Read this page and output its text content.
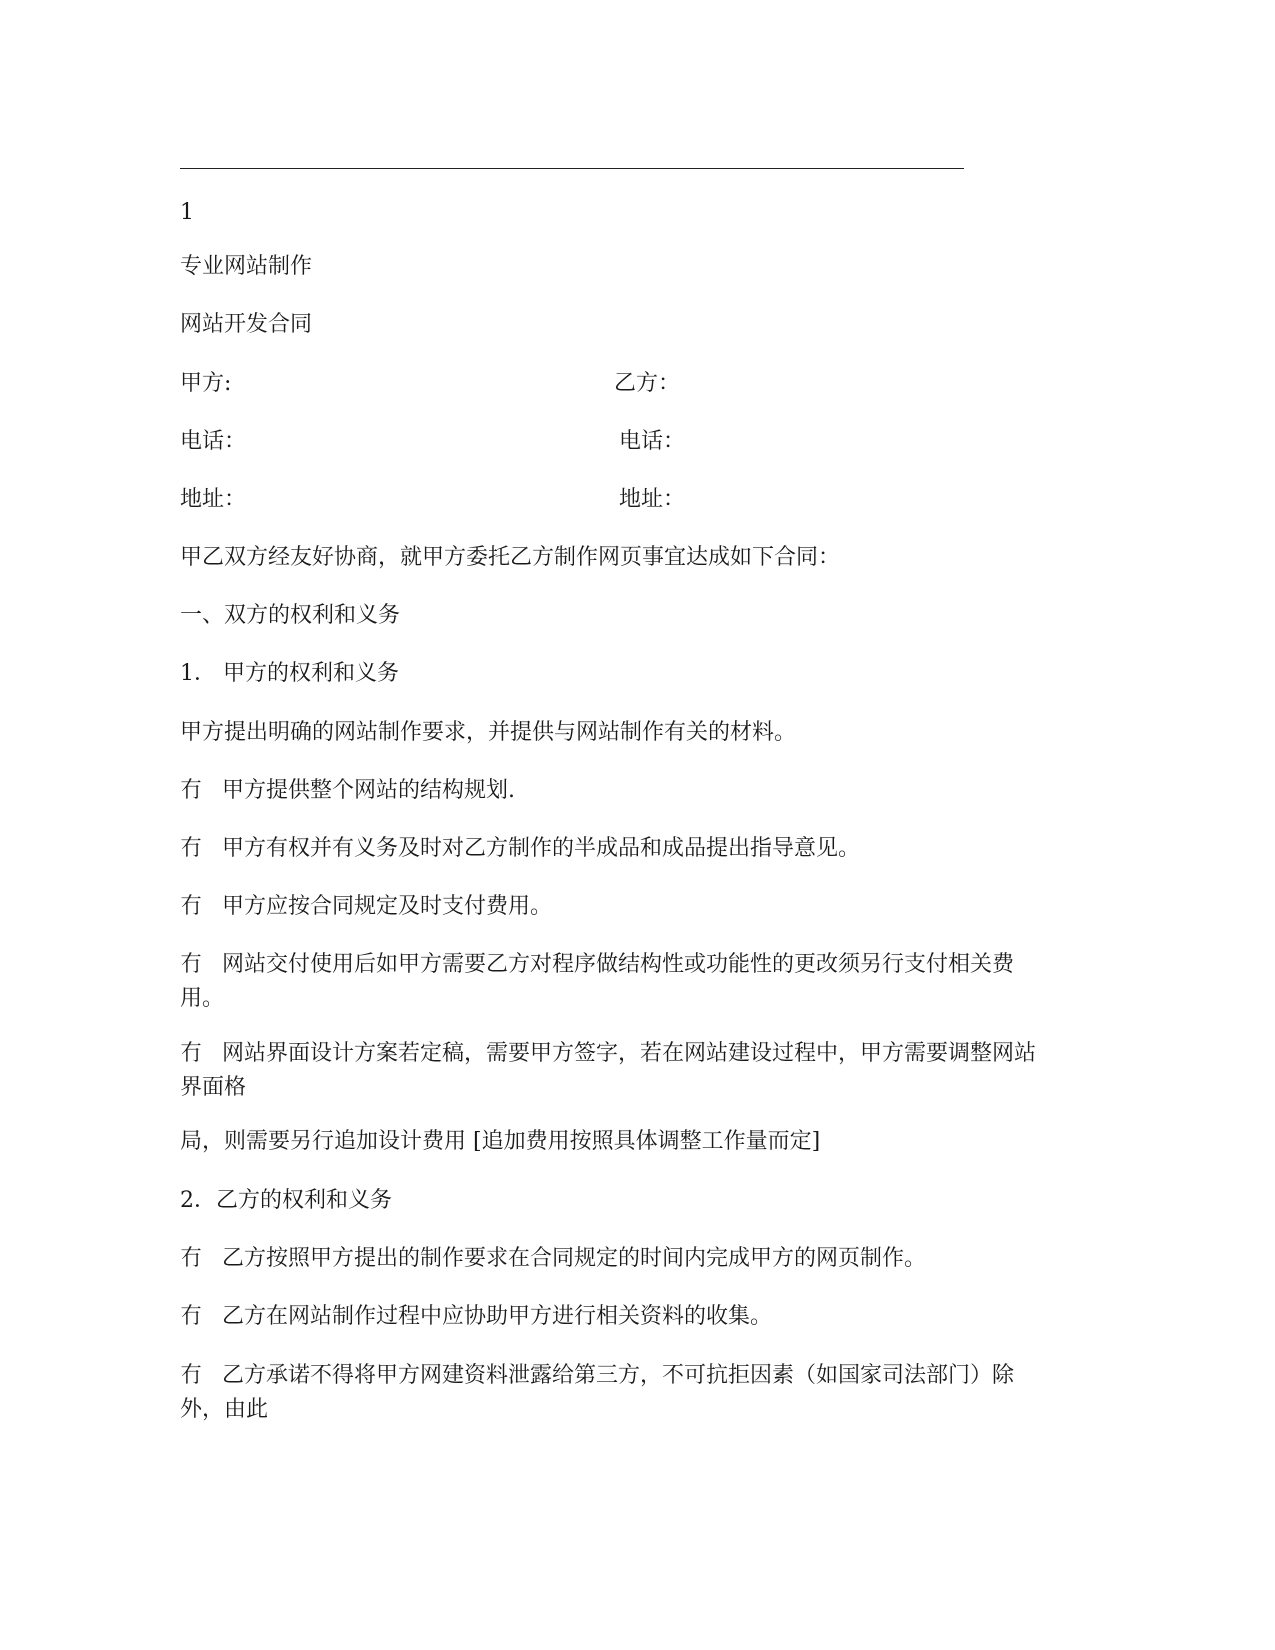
1
专业网站制作
网站开发合同
甲方:	乙方：
电话：	电话：
地址：	地址：
甲乙双方经友好协商，就甲方委托乙方制作网页事宜达成如下合同：
一、双方的权利和义务
1． 甲方的权利和义务
甲方提出明确的网站制作要求，并提供与网站制作有关的材料。
冇 甲方提供整个网站的结构规划.
冇 甲方有权并有义务及时对乙方制作的半成品和成品提出指导意见。
冇 甲方应按合同规定及时支付费用。
冇 网站交付使用后如甲方需要乙方对程序做结构性或功能性的更改须另行支付相关费用。
冇 网站界面设计方案若定稿，需要甲方签字，若在网站建设过程中，甲方需要调整网站界面格
局，则需要另行追加设计费用 [追加费用按照具体调整工作量而定]
2．乙方的权利和义务
冇 乙方按照甲方提出的制作要求在合同规定的时间内完成甲方的网页制作。
冇 乙方在网站制作过程中应协助甲方进行相关资料的收集。
冇 乙方承诺不得将甲方网建资料泄露给第三方，不可抗拒因素（如国家司法部门）除外，由此
